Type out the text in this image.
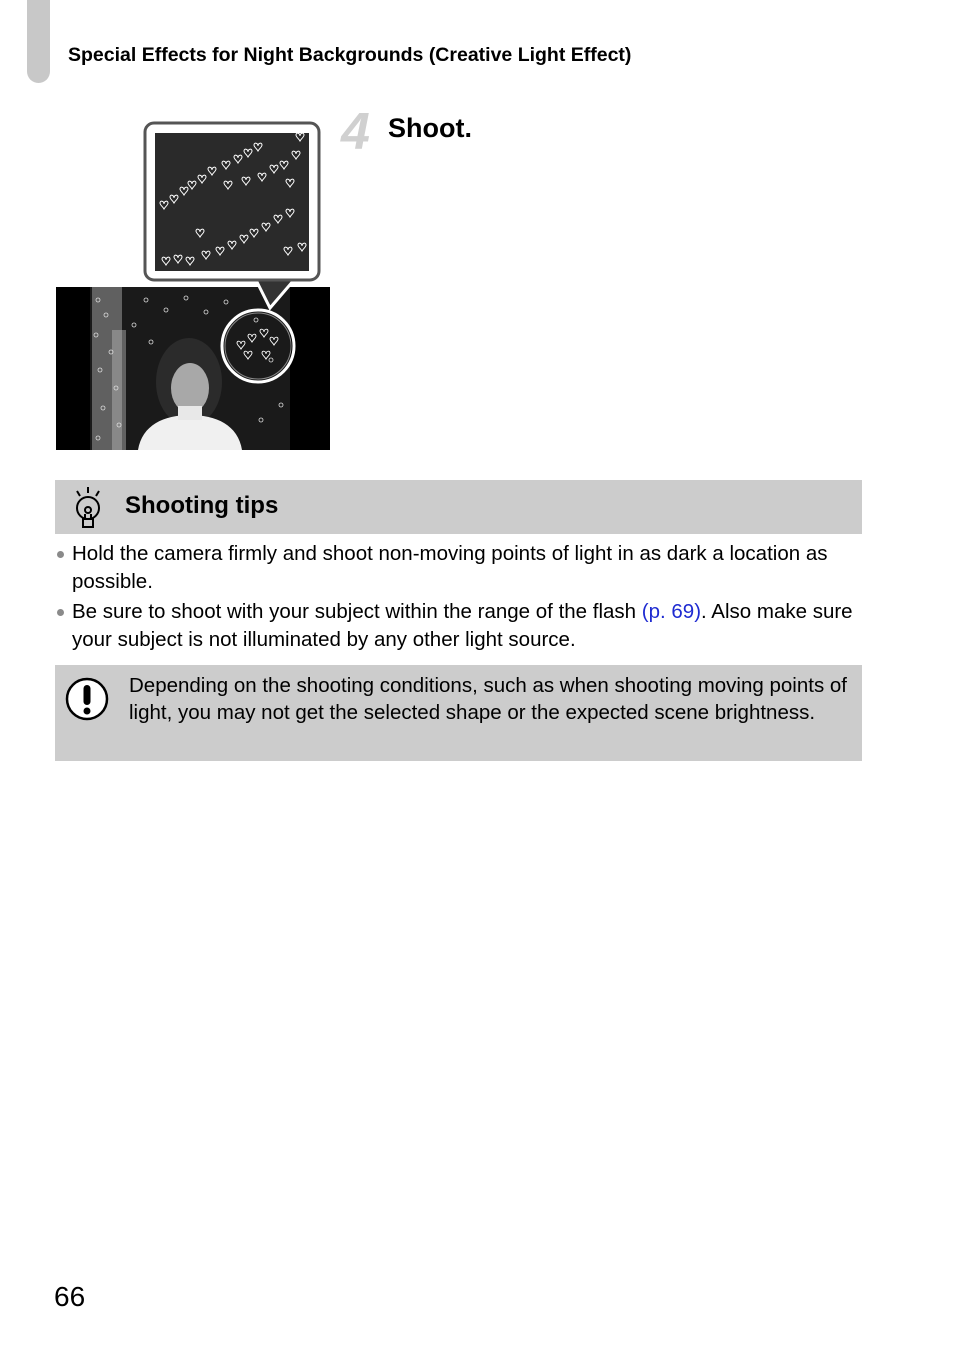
Special Effects for Night Backgrounds (Creative Light Effect)
4 Shoot.
Shooting tips
Hold the camera firmly and shoot non-moving points of light in as dark a location as possible.
Be sure to shoot with your subject within the range of the flash (p. 69). Also make sure your subject is not illuminated by any other light source.
Depending on the shooting conditions, such as when shooting moving points of light, you may not get the selected shape or the expected scene brightness.
66
